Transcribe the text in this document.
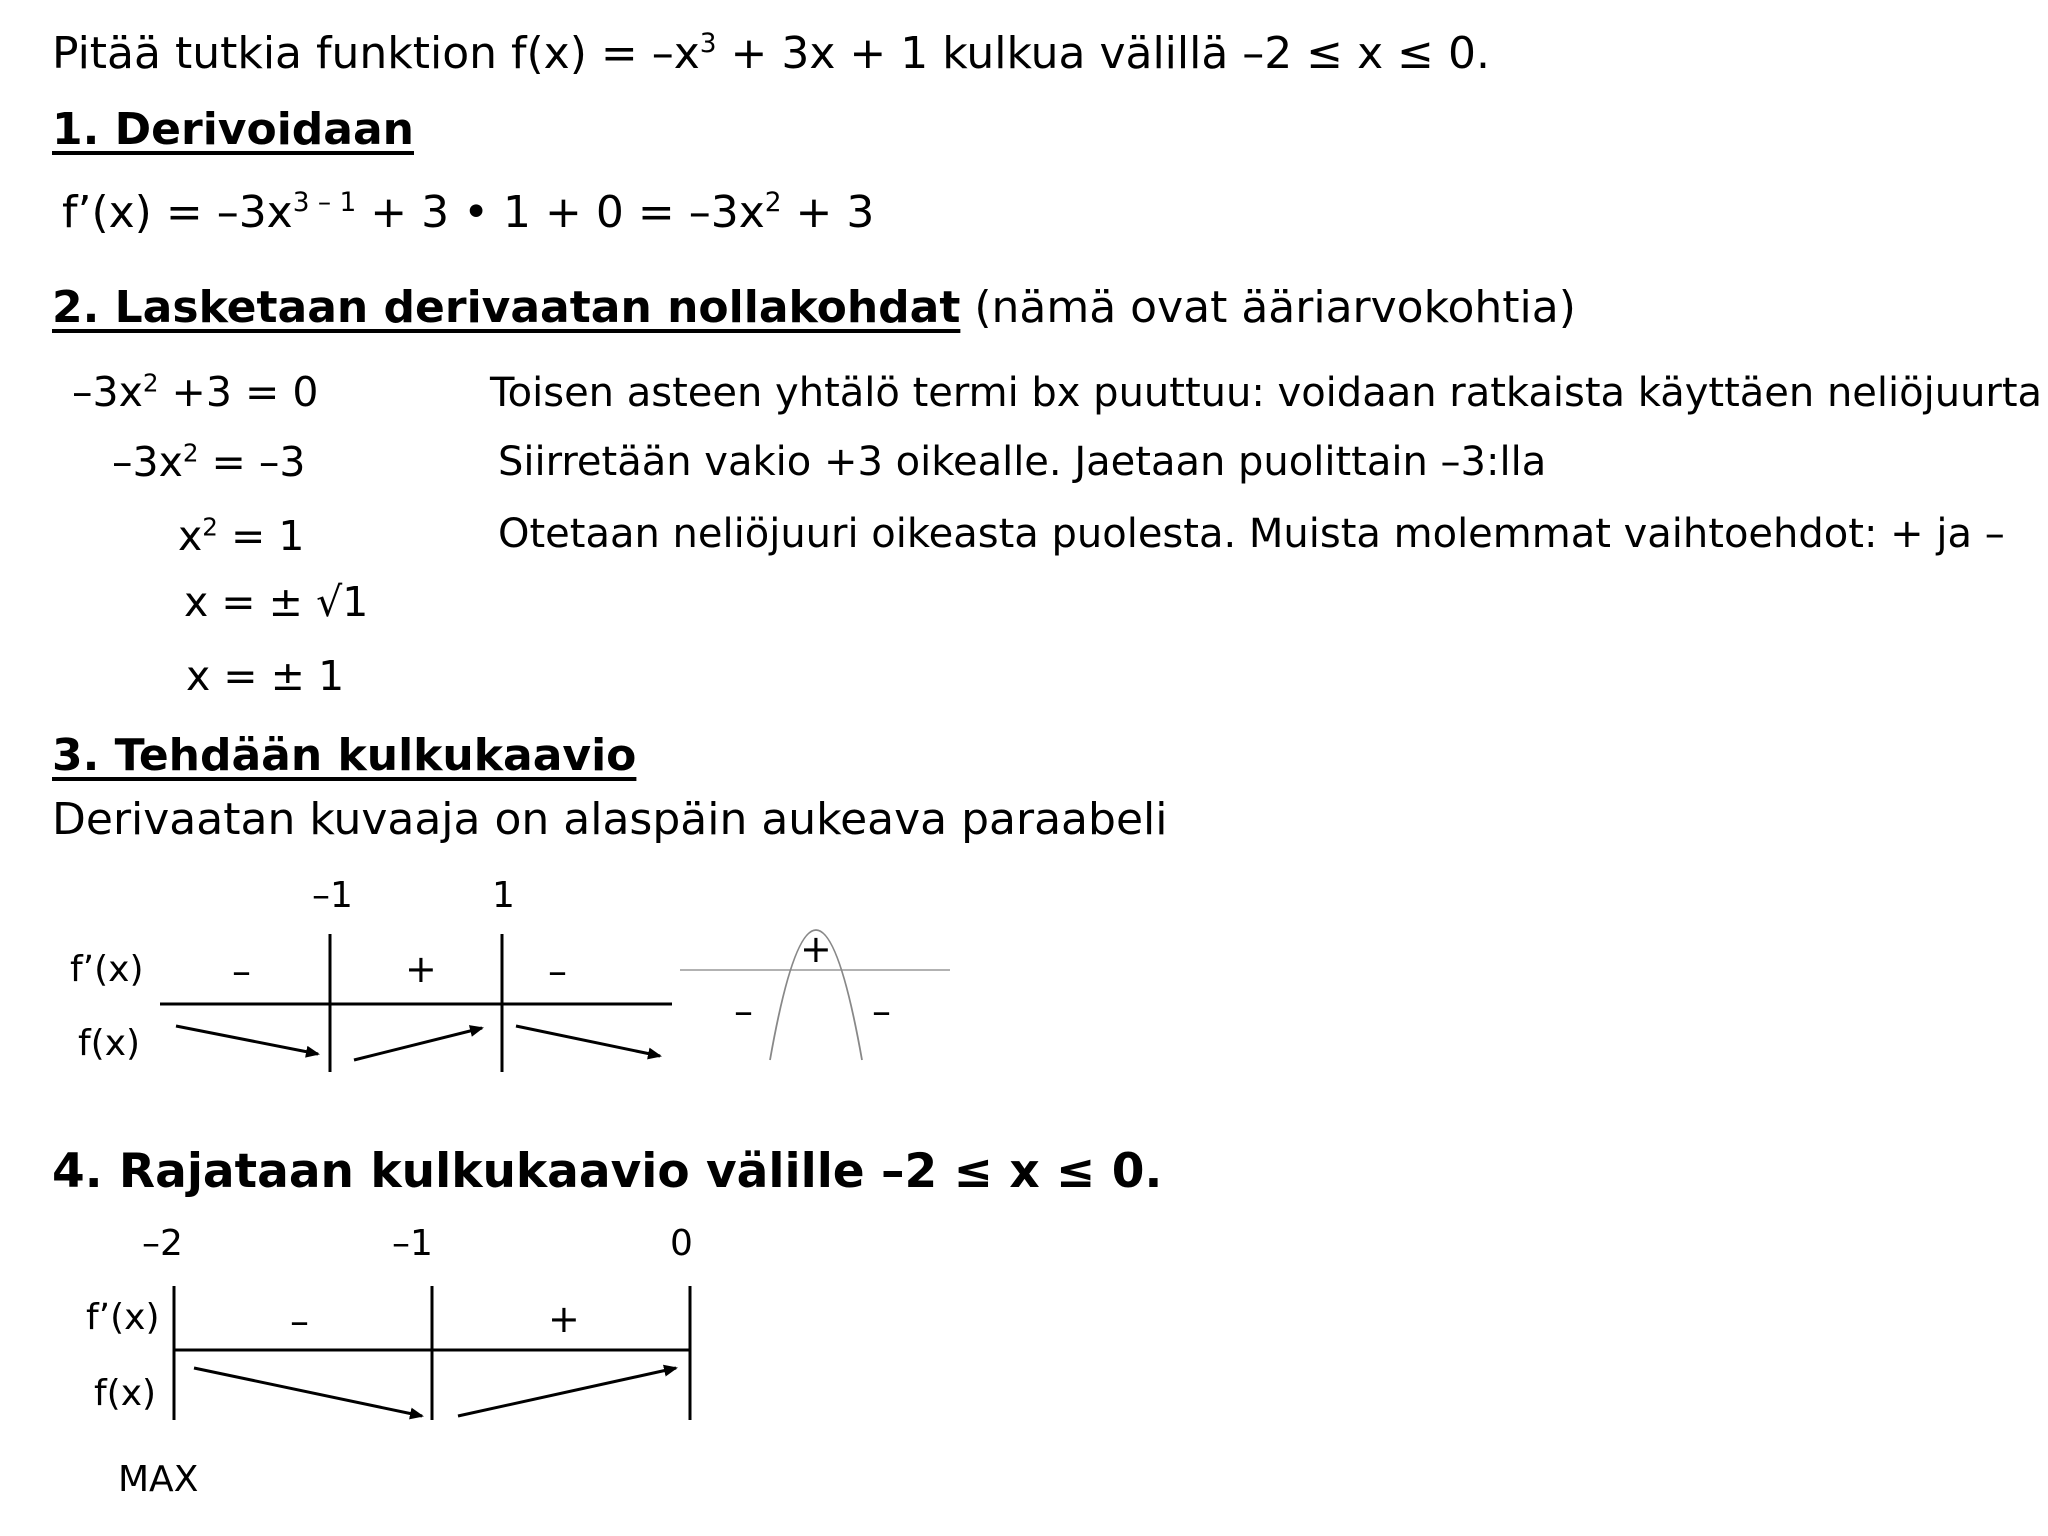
Pitää tutkia funktion $f(x) = -x^3 + 3x + 1$ kulkua välillä –2 ≤ x ≤ 0.
1. Derivoidaan
f’(x) = $-3x^{3 - 1} + 3$ • $1 + 0 = -3x^2 + 3$
2. Lasketaan derivaatan nollakohdat (nämä ovat ääriarvokohtia)
$-3x^2 +3 = 0$
$-3x^2 = -3$
$x^2 = 1$
x = ± √1
x = ± 1
Toisen asteen yhtälö termi bx puuttuu: voidaan ratkaista käyttäen neliöjuurta
Siirretään vakio +3 oikealle. Jaetaan puolittain –3:lla
Otetaan neliöjuuri oikeasta puolesta. Muista molemmat vaihtoehdot: + ja –
3. Tehdään kulkukaavio
Derivaatan kuvaaja on alaspäin aukeava paraabeli
–1	1
f’(x)
f(x)
–	+	–	+
–	–
4. Rajataan kulkukaavio välille –2 ≤ x ≤ 0.
–2	–1	0
f’(x)
f(x)
–	+
MAX
